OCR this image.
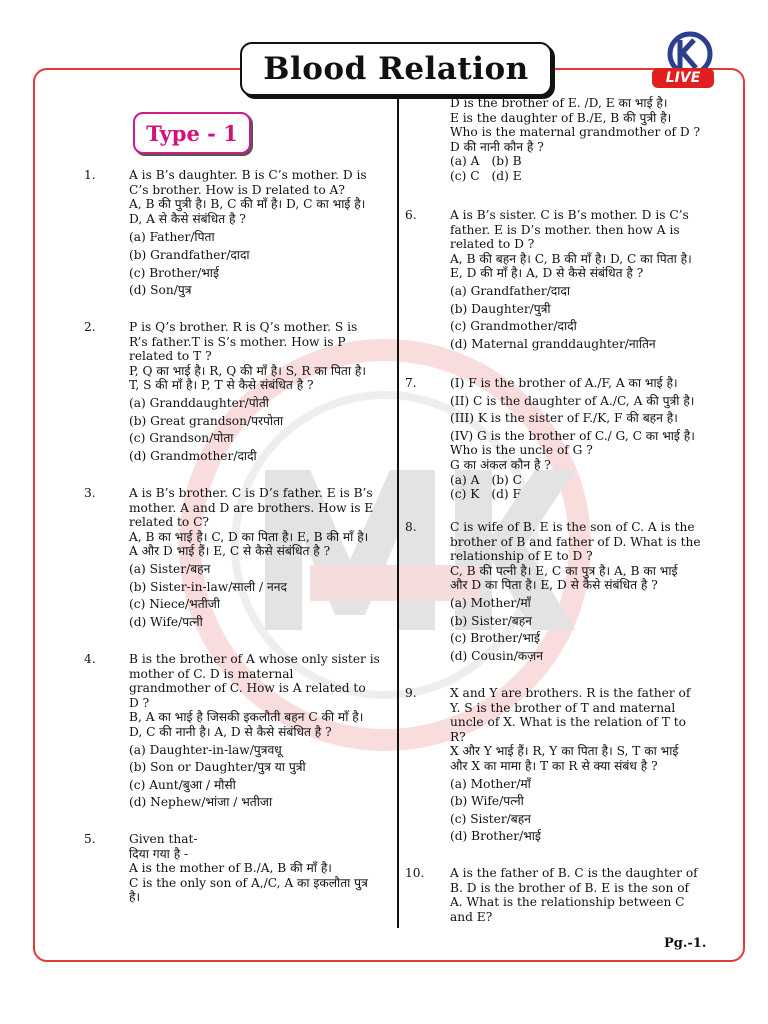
Blood Relation	LIVE
Type - 1
1.	A is B’s daughter. B is C’s mother. D is
C’s brother. How is D related to A?
A, B की पुत्री है। B, C की माँ है। D, C का भाई है।
D, A से कैसे संबंधित है ?
(a) Father/पिता
(b) Grandfather/दादा
(c) Brother/भाई
(d) Son/पुत्र
2.	P is Q’s brother. R is Q’s mother. S is
R’s father.T is S’s mother. How is P
related to T ?
P, Q का भाई है। R, Q की माँ है। S, R का पिता है।
T, S की माँ है। P, T से कैसे संबंधित है ?
(a) Granddaughter/पोती
(b) Great grandson/परपोता
(c) Grandson/पोता
(d) Grandmother/दादी
3.	A is B’s brother. C is D’s father. E is B’s
mother. A and D are brothers. How is E
related to C?
A, B का भाई है। C, D का पिता है। E, B की माँ है।
A और D भाई हैं। E, C से कैसे संबंधित है ?
(a) Sister/बहन
(b) Sister-in-law/साली / ननद
(c) Niece/भतीजी
(d) Wife/पत्नी
4.	B is the brother of A whose only sister is
mother of C. D is maternal
grandmother of C. How is A related to
D ?
B, A का भाई है जिसकी इकलौती बहन C की माँ है।
D, C की नानी है। A, D से कैसे संबंधित है ?
(a) Daughter-in-law/पुत्रवधू
(b) Son or Daughter/पुत्र या पुत्री
(c) Aunt/बुआ / मौसी
(d) Nephew/भांजा / भतीजा
5.	Given that-
दिया गया है -
A is the mother of B./A, B की माँ है।
C is the only son of A,/C, A का इकलौता पुत्र
है।
D is the brother of E. /D, E का भाई है।
E is the daughter of B./E, B की पुत्री है।
Who is the maternal grandmother of D ?
D की नानी कौन है ?
(a) A (b) B
(c) C (d) E
6.	A is B’s sister. C is B’s mother. D is C’s
father. E is D’s mother. then how A is
related to D ?
A, B की बहन है। C, B की माँ है। D, C का पिता है।
E, D की माँ है। A, D से कैसे संबंधित है ?
(a) Grandfather/दादा
(b) Daughter/पुत्री
(c) Grandmother/दादी
(d) Maternal granddaughter/नातिन
7.	(I) F is the brother of A./F, A का भाई है।
(II) C is the daughter of A./C, A की पुत्री है।
(III) K is the sister of F./K, F की बहन है।
(IV) G is the brother of C./ G, C का भाई है।
Who is the uncle of G ?
G का अंकल कौन है ?
(a) A (b) C
(c) K (d) F
8.	C is wife of B. E is the son of C. A is the
brother of B and father of D. What is the
relationship of E to D ?
C, B की पत्नी है। E, C का पुत्र है। A, B का भाई
और D का पिता है। E, D से कैसे संबंधित है ?
(a) Mother/माँ
(b) Sister/बहन
(c) Brother/भाई
(d) Cousin/कज़न
9.	X and Y are brothers. R is the father of
Y. S is the brother of T and maternal
uncle of X. What is the relation of T to
R?
X और Y भाई हैं। R, Y का पिता है। S, T का भाई
और X का मामा है। T का R से क्या संबंध है ?
(a) Mother/माँ
(b) Wife/पत्नी
(c) Sister/बहन
(d) Brother/भाई
10. A is the father of B. C is the daughter of
B. D is the brother of B. E is the son of
A. What is the relationship between C
and E?
Pg.-1.
